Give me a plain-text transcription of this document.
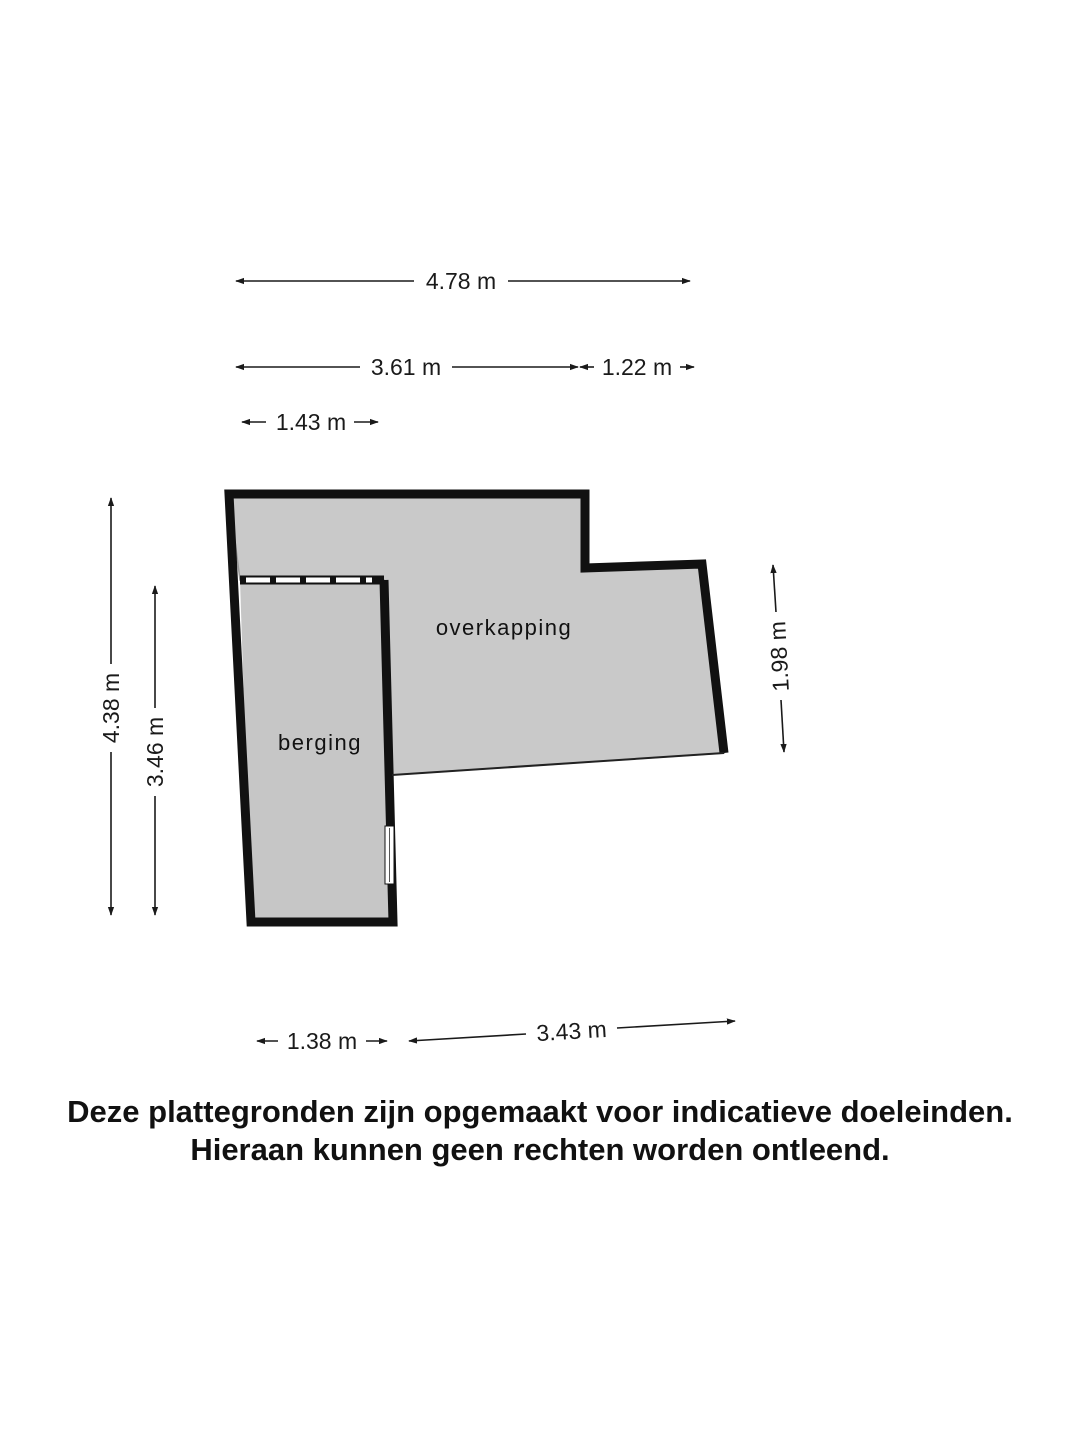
overkapping
berging
4.78 m
3.61 m	1.22 m
1.43 m
4.38 m
3.46 m
1.98 m
1.38 m	3.43 m
Deze plattegronden zijn opgemaakt voor indicatieve doeleinden.
Hieraan kunnen geen rechten worden ontleend.
